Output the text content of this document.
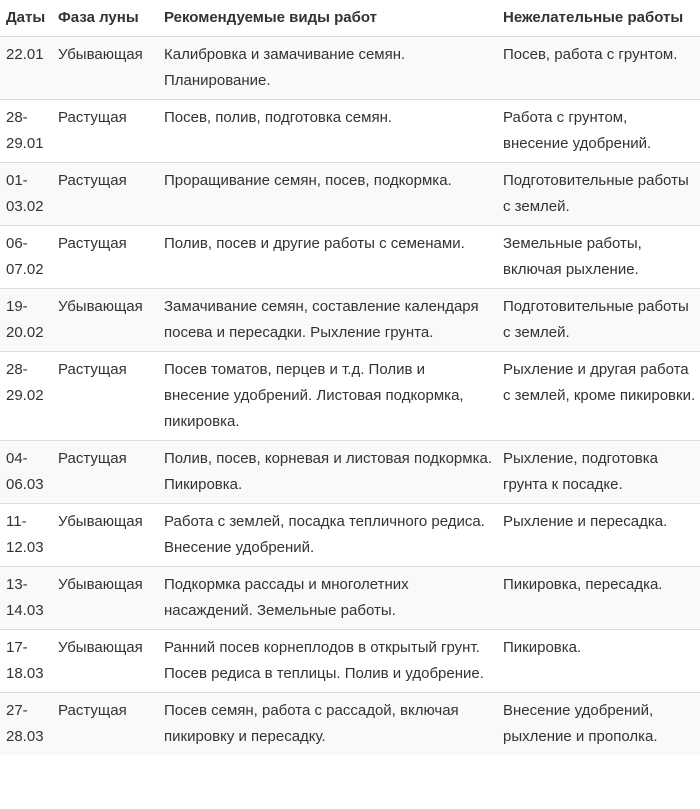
Даты	Фаза луны	Рекомендуемые виды работ	Нежелательные работы
22.01	Убывающая	Калибровка и замачивание семян. Планирование.	Посев, работа с грунтом.
28-29.01	Растущая	Посев, полив, подготовка семян.	Работа с грунтом, внесение удобрений.
01-03.02	Растущая	Проращивание семян, посев, подкормка.	Подготовительные работы с землей.
06-07.02	Растущая	Полив, посев и другие работы с семенами.	Земельные работы, включая рыхление.
19-20.02	Убывающая	Замачивание семян, составление календаря посева и пересадки. Рыхление грунта.	Подготовительные работы с землей.
28-29.02	Растущая	Посев томатов, перцев и т.д. Полив и внесение удобрений. Листовая подкормка, пикировка.	Рыхление и другая работа с землей, кроме пикировки.
04-06.03	Растущая	Полив, посев, корневая и листовая подкормка. Пикировка.	Рыхление, подготовка грунта к посадке.
11-12.03	Убывающая	Работа с землей, посадка тепличного редиса. Внесение удобрений.	Рыхление и пересадка.
13-14.03	Убывающая	Подкормка рассады и многолетних насаждений. Земельные работы.	Пикировка, пересадка.
17-18.03	Убывающая	Ранний посев корнеплодов в открытый грунт. Посев редиса в теплицы. Полив и удобрение.	Пикировка.
27-28.03	Растущая	Посев семян, работа с рассадой, включая пикировку и пересадку.	Внесение удобрений, рыхление и прополка.
